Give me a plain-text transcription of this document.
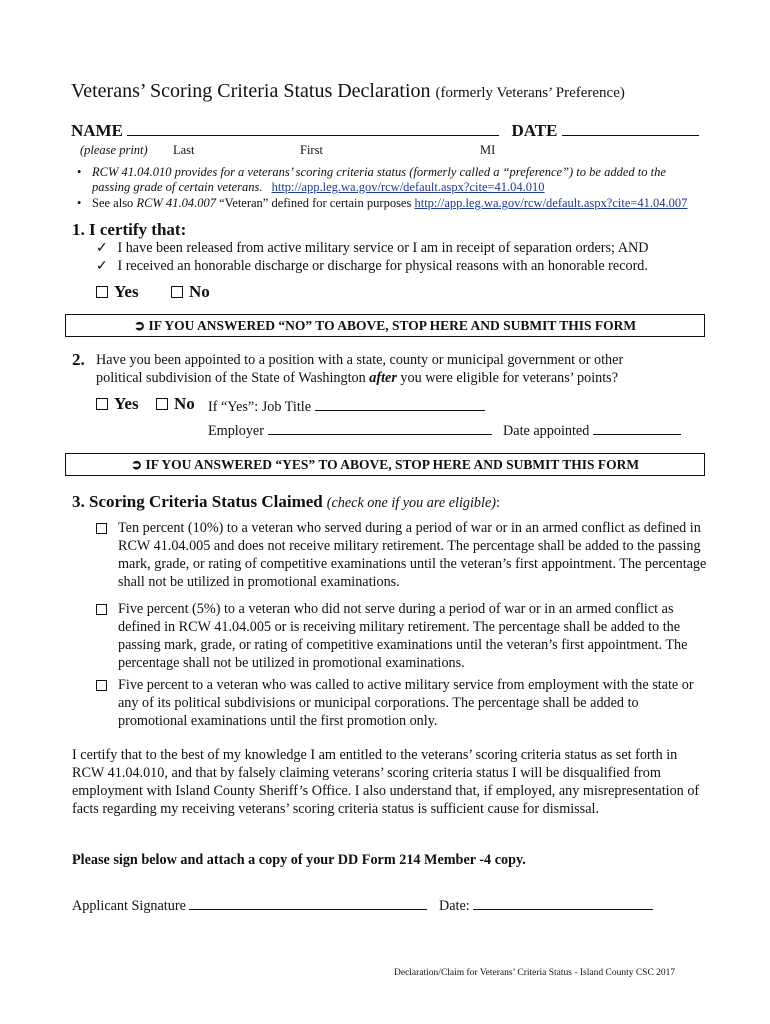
Veterans’ Scoring Criteria Status Declaration (formerly Veterans’ Preference)
NAME	DATE
(please print) Last	First	MI
• RCW 41.04.010 provides for a veterans’ scoring criteria status (formerly called a “preference”) to be added to the
passing grade of certain veterans. http://app.leg.wa.gov/rcw/default.aspx?cite=41.04.010
• See also RCW 41.04.007 “Veteran” defined for certain purposes http://app.leg.wa.gov/rcw/default.aspx?cite=41.04.007
1. I certify that:
✓ I have been released from active military service or I am in receipt of separation orders; AND
✓ I received an honorable discharge or discharge for physical reasons with an honorable record.
Yes	No
➲ IF YOU ANSWERED “NO” TO ABOVE, STOP HERE AND SUBMIT THIS FORM
2. Have you been appointed to a position with a state, county or municipal government or other
political subdivision of the State of Washington after you were eligible for veterans’ points?
Yes	No If “Yes”: Job Title
Employer	Date appointed
➲ IF YOU ANSWERED “YES” TO ABOVE, STOP HERE AND SUBMIT THIS FORM
3. Scoring Criteria Status Claimed (check one if you are eligible):
Ten percent (10%) to a veteran who served during a period of war or in an armed conflict as defined in RCW 41.04.005 and does not receive military retirement. The percentage shall be added to the passing mark, grade, or rating of competitive examinations until the veteran’s first appointment. The percentage shall not be utilized in promotional examinations.
Five percent (5%) to a veteran who did not serve during a period of war or in an armed conflict as defined in RCW 41.04.005 or is receiving military retirement. The percentage shall be added to the passing mark, grade, or rating of competitive examinations until the veteran’s first appointment. The percentage shall not be utilized in promotional examinations.
Five percent to a veteran who was called to active military service from employment with the state or any of its political subdivisions or municipal corporations. The percentage shall be added to promotional examinations until the first promotion only.
I certify that to the best of my knowledge I am entitled to the veterans’ scoring criteria status as set forth in RCW 41.04.010, and that by falsely claiming veterans’ scoring criteria status I will be disqualified from employment with Island County Sheriff’s Office. I also understand that, if employed, any misrepresentation of facts regarding my receiving veterans’ scoring criteria status is sufficient cause for dismissal.
Please sign below and attach a copy of your DD Form 214 Member -4 copy.
Applicant Signature	Date:
Declaration/Claim for Veterans’ Criteria Status - Island County CSC 2017
